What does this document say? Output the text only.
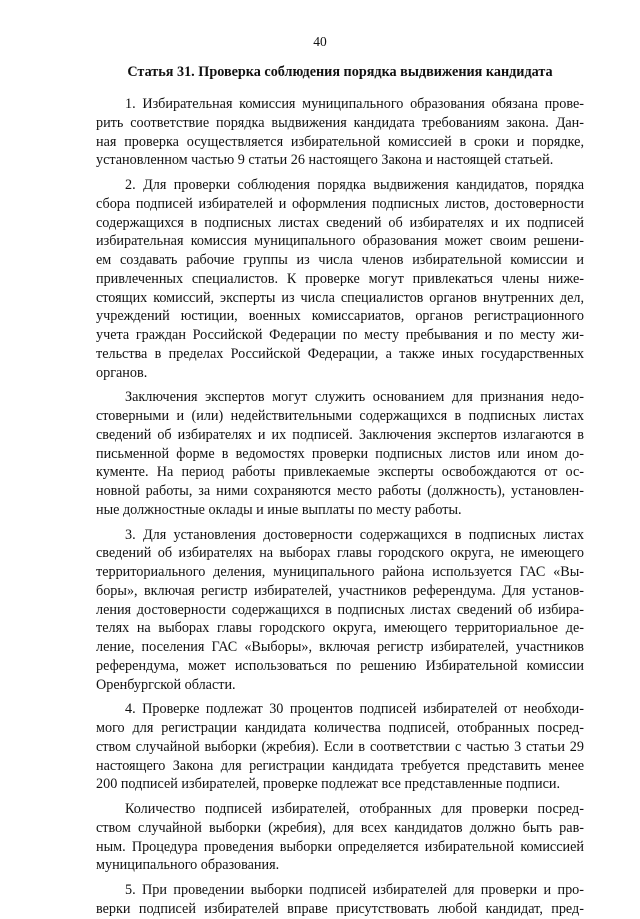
40
Статья 31. Проверка соблюдения порядка выдвижения кандидата
1. Избирательная комиссия муниципального образования обязана прове-
рить соответствие порядка выдвижения кандидата требованиям закона. Дан-
ная проверка осуществляется избирательной комиссией в сроки и порядке,
установленном частью 9 статьи 26 настоящего Закона и настоящей статьей.
2. Для проверки соблюдения порядка выдвижения кандидатов, порядка
сбора подписей избирателей и оформления подписных листов, достоверности
содержащихся в подписных листах сведений об избирателях и их подписей
избирательная комиссия муниципального образования может своим решени-
ем создавать рабочие группы из числа членов избирательной комиссии и
привлеченных специалистов. К проверке могут привлекаться члены ниже-
стоящих комиссий, эксперты из числа специалистов органов внутренних дел,
учреждений юстиции, военных комиссариатов, органов регистрационного
учета граждан Российской Федерации по месту пребывания и по месту жи-
тельства в пределах Российской Федерации, а также иных государственных
органов.
Заключения экспертов могут служить основанием для признания недо-
стоверными и (или) недействительными содержащихся в подписных листах
сведений об избирателях и их подписей. Заключения экспертов излагаются в
письменной форме в ведомостях проверки подписных листов или ином до-
кументе. На период работы привлекаемые эксперты освобождаются от ос-
новной работы, за ними сохраняются место работы (должность), установлен-
ные должностные оклады и иные выплаты по месту работы.
3. Для установления достоверности содержащихся в подписных листах
сведений об избирателях на выборах главы городского округа, не имеющего
территориального деления, муниципального района используется ГАС «Вы-
боры», включая регистр избирателей, участников референдума. Для установ-
ления достоверности содержащихся в подписных листах сведений об избира-
телях на выборах главы городского округа, имеющего территориальное де-
ление, поселения ГАС «Выборы», включая регистр избирателей, участников
референдума, может использоваться по решению Избирательной комиссии
Оренбургской области.
4. Проверке подлежат 30 процентов подписей избирателей от необходи-
мого для регистрации кандидата количества подписей, отобранных посред-
ством случайной выборки (жребия). Если в соответствии с частью 3 статьи 29
настоящего Закона для регистрации кандидата требуется представить менее
200 подписей избирателей, проверке подлежат все представленные подписи.
Количество подписей избирателей, отобранных для проверки посред-
ством случайной выборки (жребия), для всех кандидатов должно быть рав-
ным. Процедура проведения выборки определяется избирательной комиссией
муниципального образования.
5. При проведении выборки подписей избирателей для проверки и про-
верки подписей избирателей вправе присутствовать любой кандидат, пред-
